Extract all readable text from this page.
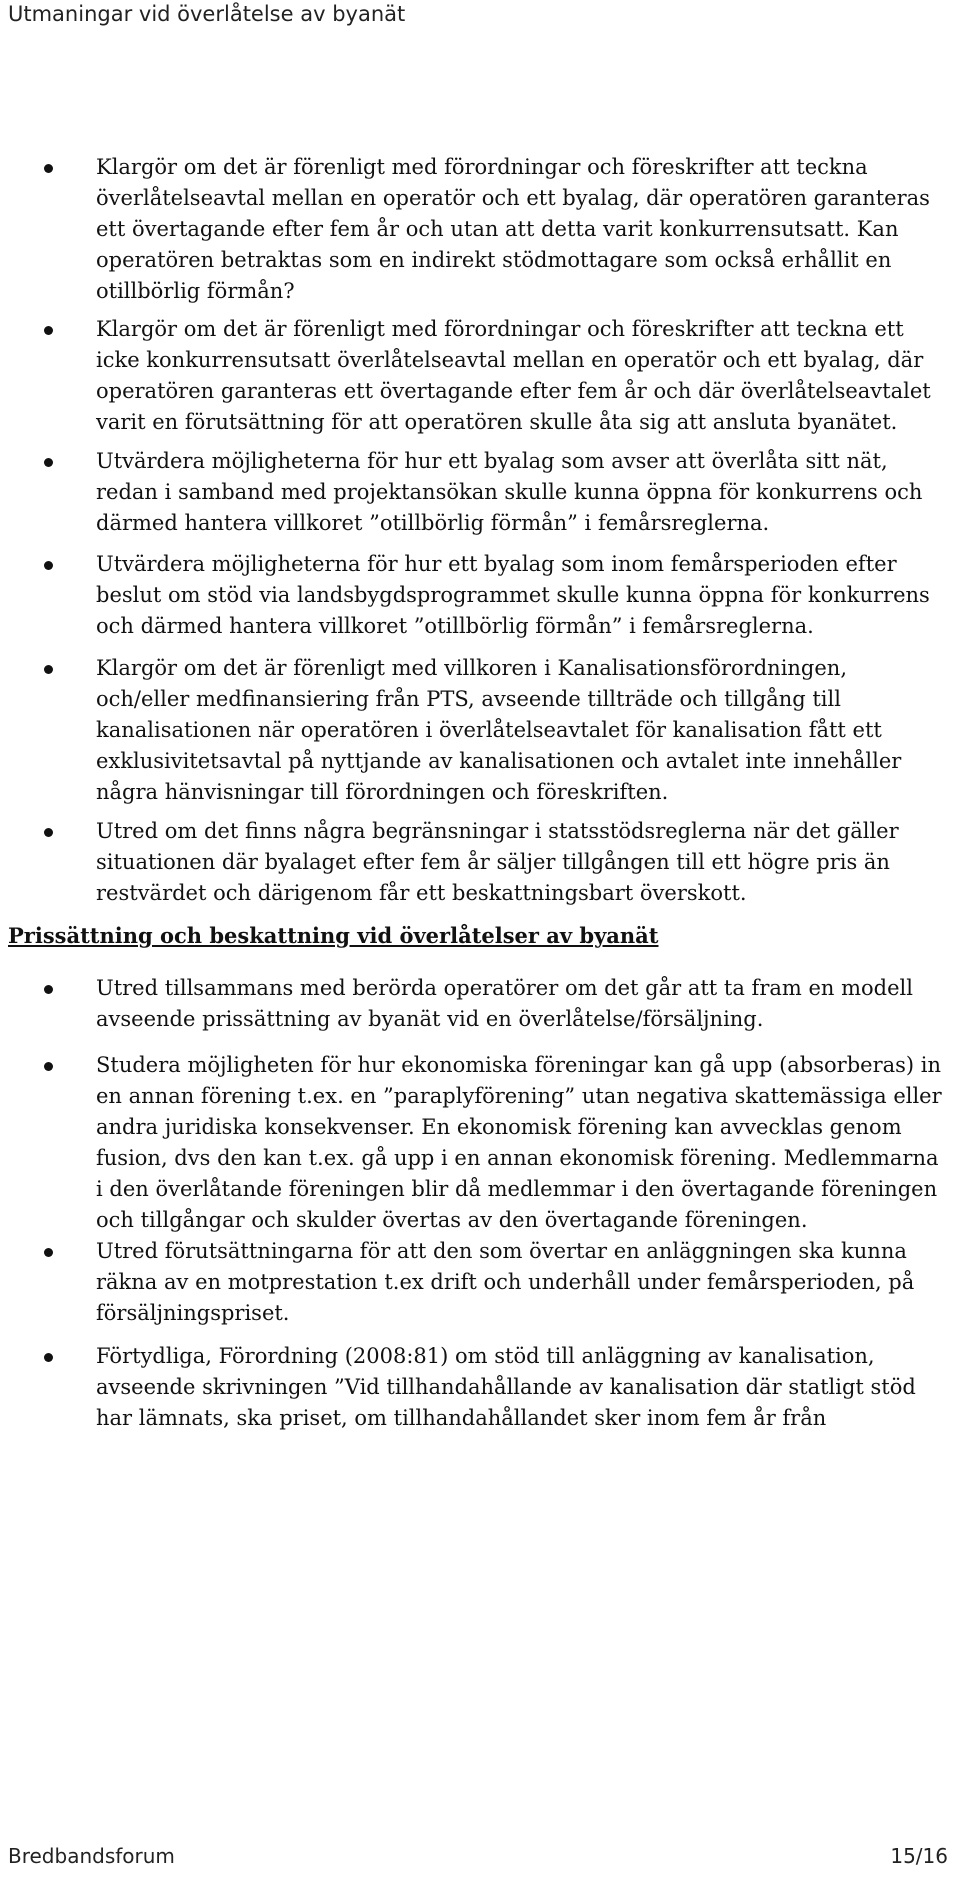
Utmaningar vid överlåtelse av byanät
Klargör om det är förenligt med förordningar och föreskrifter att teckna överlåtelseavtal mellan en operatör och ett byalag, där operatören garanteras ett övertagande efter fem år och utan att detta varit konkurrensutsatt. Kan operatören betraktas som en indirekt stödmottagare som också erhållit en otillbörlig förmån?
Klargör om det är förenligt med förordningar och föreskrifter att teckna ett icke konkurrensutsatt överlåtelseavtal mellan en operatör och ett byalag, där operatören garanteras ett övertagande efter fem år och där överlåtelseavtalet varit en förutsättning för att operatören skulle åta sig att ansluta byanätet.
Utvärdera möjligheterna för hur ett byalag som avser att överlåta sitt nät, redan i samband med projektansökan skulle kunna öppna för konkurrens och därmed hantera villkoret ”otillbörlig förmån” i femårsreglerna.
Utvärdera möjligheterna för hur ett byalag som inom femårsperioden efter beslut om stöd via landsbygdsprogrammet skulle kunna öppna för konkurrens och därmed hantera villkoret ”otillbörlig förmån” i femårsreglerna.
Klargör om det är förenligt med villkoren i Kanalisationsförordningen, och/eller medfinansiering från PTS, avseende tillträde och tillgång till kanalisationen när operatören i överlåtelseavtalet för kanalisation fått ett exklusivitetsavtal på nyttjande av kanalisationen och avtalet inte innehåller några hänvisningar till förordningen och föreskriften.
Utred om det finns några begränsningar i statsstödsreglerna när det gäller situationen där byalaget efter fem år säljer tillgången till ett högre pris än restvärdet och därigenom får ett beskattningsbart överskott.
Prissättning och beskattning vid överlåtelser av byanät
Utred tillsammans med berörda operatörer om det går att ta fram en modell avseende prissättning av byanät vid en överlåtelse/försäljning.
Studera möjligheten för hur ekonomiska föreningar kan gå upp (absorberas) in en annan förening t.ex. en ”paraplyförening” utan negativa skattemässiga eller andra juridiska konsekvenser. En ekonomisk förening kan avvecklas genom fusion, dvs den kan t.ex. gå upp i en annan ekonomisk förening. Medlemmarna i den överlåtande föreningen blir då medlemmar i den övertagande föreningen och tillgångar och skulder övertas av den övertagande föreningen.
Utred förutsättningarna för att den som övertar en anläggningen ska kunna räkna av en motprestation t.ex drift och underhåll under femårsperioden, på försäljningspriset.
Förtydliga, Förordning (2008:81) om stöd till anläggning av kanalisation, avseende skrivningen ”Vid tillhandahållande av kanalisation där statligt stöd har lämnats, ska priset, om tillhandahållandet sker inom fem år från
Bredbandsforum	15/16
